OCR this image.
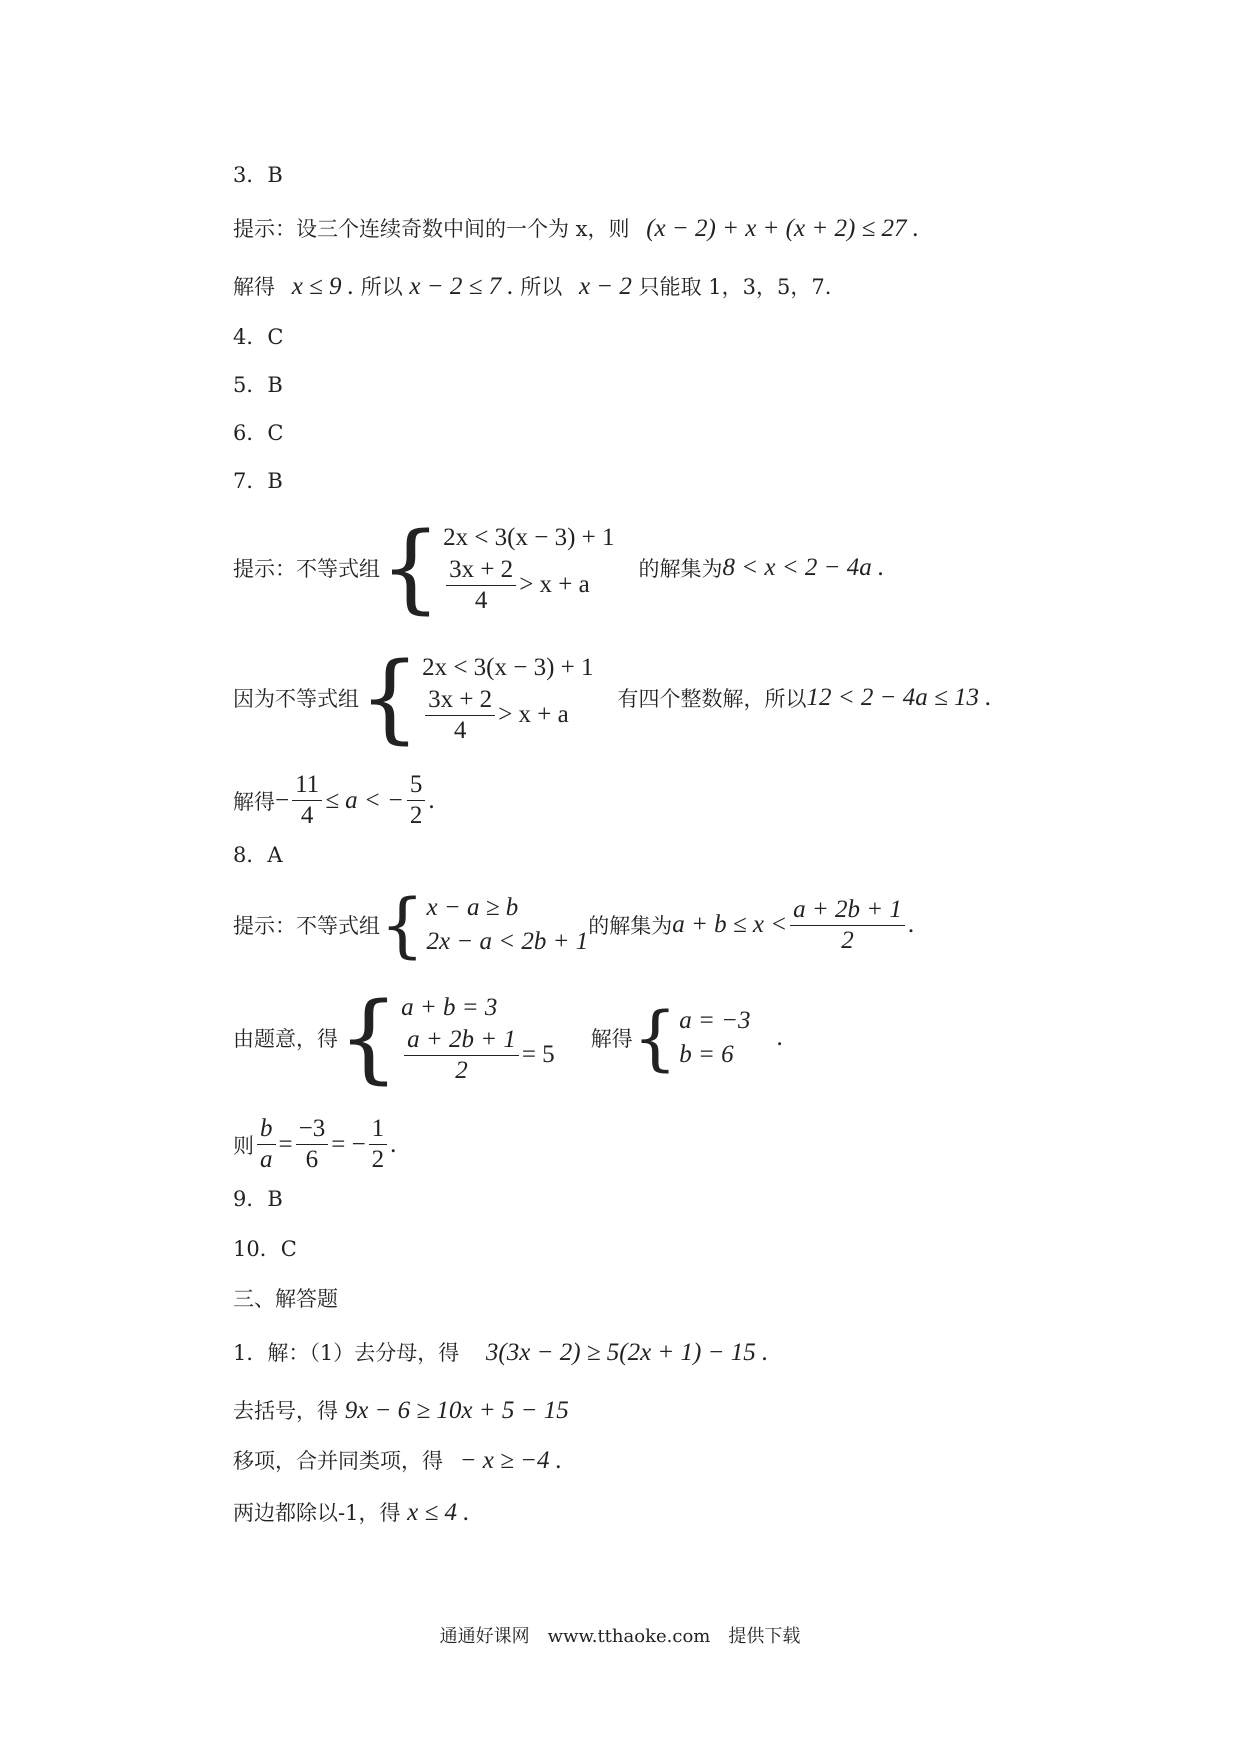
3．B
提示：设三个连续奇数中间的一个为 x，则 (x − 2) + x + (x + 2) ≤ 27 .
解得 x ≤ 9 . 所以 x − 2 ≤ 7 . 所以 x − 2 只能取 1，3，5，7.
4．C
5．B
6．C
7．B
提示：不等式组 { 2x < 3(x − 3) + 1
$\frac{3x + 2}{4} > x + a$
的解集为 8 < x < 2 − 4a .
因为不等式组 { 2x < 3(x − 3) + 1
$\frac{3x + 2}{4} > x + a$
有四个整数解，所以 12 < 2 − 4a ≤ 13 .
解得 − $\frac{11}{4} \le a$ < − $\frac{5}{2}$ .
8．A
提示：不等式组 { x − a ≥ b
2x − a < 2b + 1
的解集为 $a + b \le x < \frac{a + 2b + 1}{2}$ .
由题意，得 { a + b = 3
$\frac{a + 2b + 1}{2} = 5$
解得 { a = −3
b = 6
.
则 $\frac{b}{a} = \frac{-3}{6}$ = − $\frac{1}{2}$ .
9．B
10．C
三、解答题
1．解：（1）去分母，得 3(3x − 2) ≥ 5(2x + 1) − 15 .
去括号，得 9x − 6 ≥ 10x + 5 − 15
移项，合并同类项，得 − x ≥ −4 .
两边都除以-1，得 x ≤ 4 .
通通好课网　www.tthaoke.com　提供下载
